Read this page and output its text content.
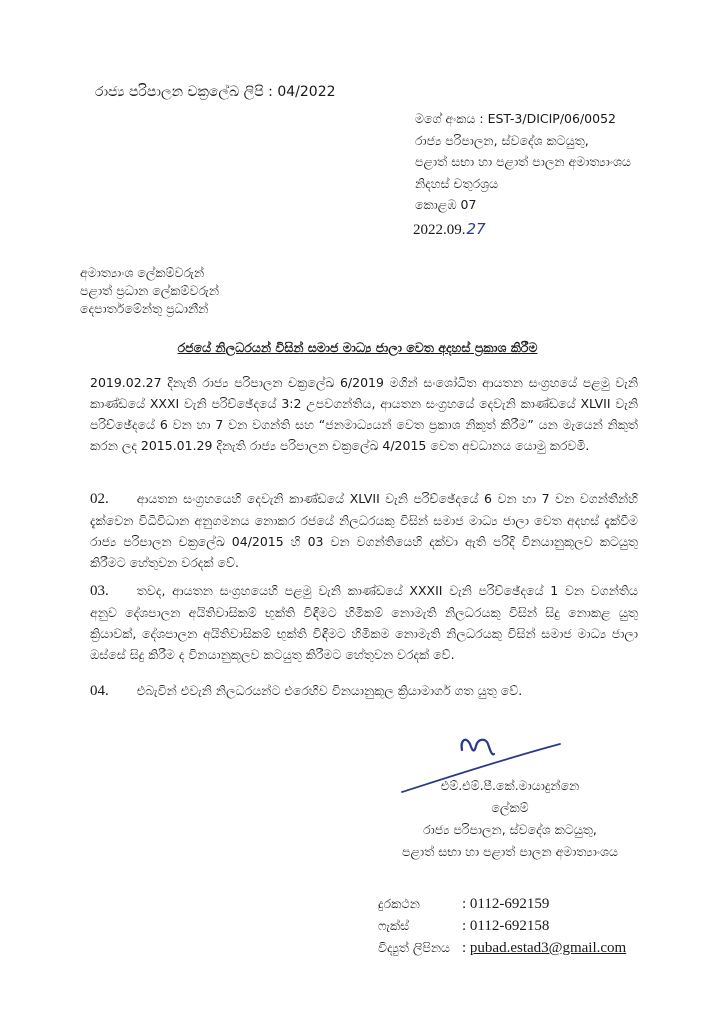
රාජ්‍ය පරිපාලන චක්‍රලේඛ ලිපි : 04/2022
මගේ අංකය : EST-3/DICIP/06/0052
රාජ්‍ය පරිපාලන, ස්වදේශ කටයුතු,
පළාත් සභා හා පළාත් පාලන අමාත්‍යාංශය
නිදහස් චතුරශ්‍රය
කොළඹ 07
2022.09.27
අමාත්‍යාංශ ලේකම්වරුන්
පළාත් ප්‍රධාන ලේකම්වරුන්
දෙපාර්තමේන්තු ප්‍රධානීන්
රජයේ නිලධරයන් විසින් සමාජ මාධ්‍ය ජාලා වෙත අදහස් ප්‍රකාශ කිරීම
2019.02.27 දිනැති රාජ්‍ය පරිපාලන චක්‍රලේඛ 6/2019 මගින් සංශෝධිත ආයතන සංග්‍රහයේ පළමු වැනි කාණ්ඩයේ XXXI වැනි පරිච්ඡේදයේ 3:2 උපවගන්තිය, ආයතන සංග්‍රහයේ දෙවැනි කාණ්ඩයේ XLVII වැනි පරිච්ඡේදයේ 6 වන හා 7 වන වගන්ති සහ “ජනමාධ්‍යයන් වෙත ප්‍රකාශ නිකුත් කිරීම” යන මැයෙන් නිකුත් කරන ලද 2015.01.29 දිනැති රාජ්‍ය පරිපාලන චක්‍රලේඛ 4/2015 වෙත අවධානය යොමු කරවමි.
02. ආයතන සංග්‍රහයෙහි දෙවැනි කාණ්ඩයේ XLVII වැනි පරිච්ඡේදයේ 6 වන හා 7 වන වගන්තීන්හි දැක්වෙන විධිවිධාන අනුගමනය නොකර රජයේ නිලධරයකු විසින් සමාජ මාධ්‍ය ජාලා වෙත අදහස් දැක්වීම රාජ්‍ය පරිපාලන චක්‍රලේඛ 04/2015 හි 03 වන වගන්තියෙහි දක්වා ඇති පරිදි විනයානුකූලව කටයුතු කිරීමට හේතුවන වරදක් වේ.
03. තවද, ආයතන සංග්‍රහයෙහි පළමු වැනි කාණ්ඩයේ XXXII වැනි පරිච්ඡේදයේ 1 වන වගන්තිය අනුව දේශපාලන අයිතිවාසිකම් භුක්ති විඳීමට හිමිකම් නොමැති නිලධරයකු විසින් සිදු නොකළ යුතු ක්‍රියාවක්, දේශපාලන අයිතිවාසිකම් භුක්ති විඳීමට හිමිකම නොමැති නිලධරයකු විසින් සමාජ මාධ්‍ය ජාලා ඔස්සේ සිදු කිරීම ද විනයානුකූලව කටයුතු කිරීමට හේතුවන වරදක් වේ.
04. එබැවින් එවැනි නිලධරයන්ට එරෙහිව විනයානුකූල ක්‍රියාමාර්ග ගත යුතු වේ.
එම්.එම්.පී.කේ.මායාදුන්නෙ
ලේකම්
රාජ්‍ය පරිපාලන, ස්වදේශ කටයුතු,
පළාත් සභා හා පළාත් පාලන අමාත්‍යාංශය
දුරකථන	: 0112-692159
ෆැක්ස්	: 0112-692158
විද්‍යුත් ලිපිනය : pubad.estad3@gmail.com
